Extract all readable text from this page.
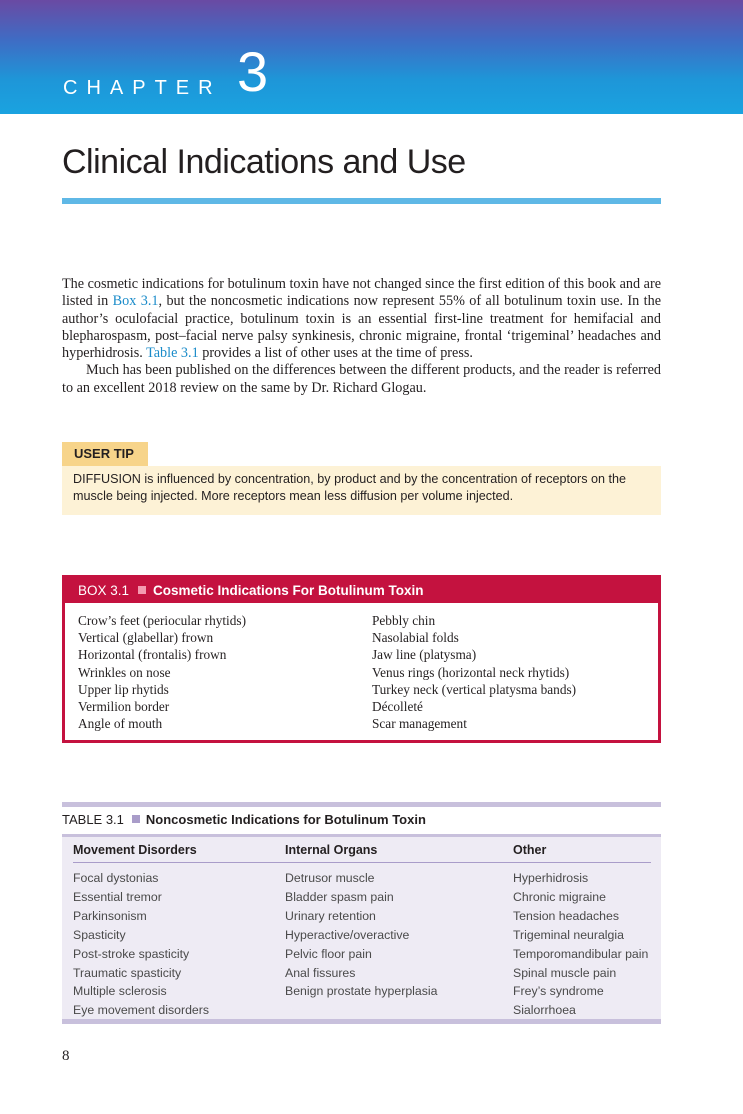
CHAPTER 3
Clinical Indications and Use

The cosmetic indications for botulinum toxin have not changed since the first edition of this book and are listed in Box 3.1, but the noncosmetic indications now represent 55% of all botulinum toxin use. In the author’s oculofacial practice, botulinum toxin is an essential first-line treatment for hemifacial and blepharospasm, post–facial nerve palsy synkinesis, chronic migraine, frontal ‘trigeminal’ headaches and hyperhidrosis. Table 3.1 provides a list of other uses at the time of press.

Much has been published on the differences between the different products, and the reader is referred to an excellent 2018 review on the same by Dr. Richard Glogau.

USER TIP
DIFFUSION is influenced by concentration, by product and by the concentration of receptors on the muscle being injected. More receptors mean less diffusion per volume injected.
BOX 3.1 Cosmetic Indications For Botulinum Toxin
Crow’s feet (periocular rhytids)
Vertical (glabellar) frown
Horizontal (frontalis) frown
Wrinkles on nose
Upper lip rhytids
Vermilion border
Angle of mouth
Pebbly chin
Nasolabial folds
Jaw line (platysma)
Venus rings (horizontal neck rhytids)
Turkey neck (vertical platysma bands)
Décolleté
Scar management
TABLE 3.1 Noncosmetic Indications for Botulinum Toxin
Movement Disorders	Internal Organs	Other
Focal dystonias
Essential tremor
Parkinsonism
Spasticity
Post-stroke spasticity
Traumatic spasticity
Multiple sclerosis
Eye movement disorders
Detrusor muscle
Bladder spasm pain
Urinary retention
Hyperactive/overactive
Pelvic floor pain
Anal fissures
Benign prostate hyperplasia
Hyperhidrosis
Chronic migraine
Tension headaches
Trigeminal neuralgia
Temporomandibular pain
Spinal muscle pain
Frey’s syndrome
Sialorrhoea
8
